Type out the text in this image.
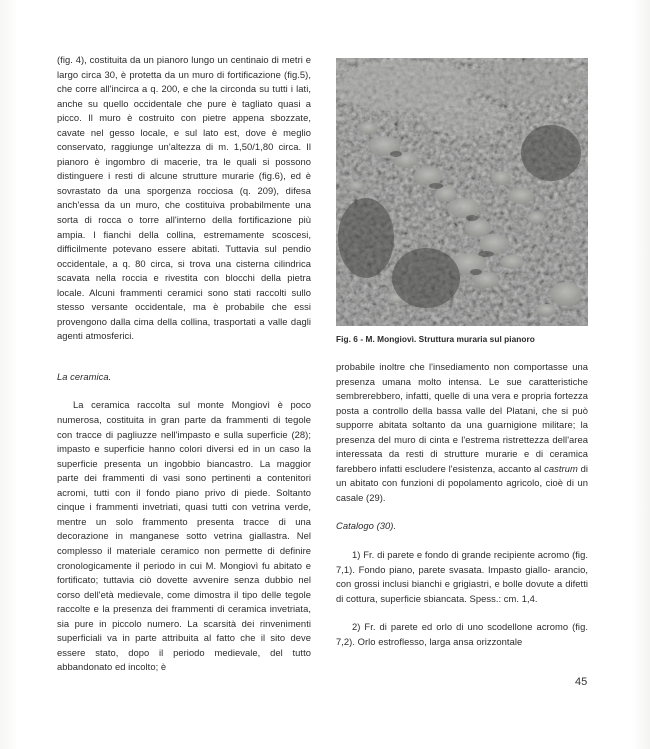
(fig. 4), costituita da un pianoro lungo un centinaio di metri e largo circa 30, è protetta da un muro di fortificazione (fig.5), che corre all'incirca a q. 200, e che la circonda su tutti i lati, anche su quello occidentale che pure è tagliato quasi a picco. Il muro è costruito con pietre appena sbozzate, cavate nel gesso locale, e sul lato est, dove è meglio conservato, raggiunge un'altezza di m. 1,50/1,80 circa. Il pianoro è ingombro di macerie, tra le quali si possono distinguere i resti di alcune strutture murarie (fig.6), ed è sovrastato da una sporgenza rocciosa (q. 209), difesa anch'essa da un muro, che costituiva probabilmente una sorta di rocca o torre all'interno della fortificazione più ampia. I fianchi della collina, estremamente scoscesi, difficilmente potevano essere abitati. Tuttavia sul pendio occidentale, a q. 80 circa, si trova una cisterna cilindrica scavata nella roccia e rivestita con blocchi della pietra locale. Alcuni frammenti ceramici sono stati raccolti sullo stesso versante occidentale, ma è probabile che essi provengono dalla cima della collina, trasportati a valle dagli agenti atmosferici.

La ceramica.

La ceramica raccolta sul monte Mongiovì è poco numerosa, costituita in gran parte da frammenti di tegole con tracce di pagliuzze nell'impasto e sulla superficie (28); impasto e superficie hanno colori diversi ed in un caso la superficie presenta un ingobbio biancastro. La maggior parte dei frammenti di vasi sono pertinenti a contenitori acromi, tutti con il fondo piano privo di piede. Soltanto cinque i frammenti invetriati, quasi tutti con vetrina verde, mentre un solo frammento presenta tracce di una decorazione in manganese sotto vetrina giallastra. Nel complesso il materiale ceramico non permette di definire cronologicamente il periodo in cui M. Mongiovì fu abitato e fortificato; tuttavia ciò dovette avvenire senza dubbio nel corso dell'età medievale, come dimostra il tipo delle tegole raccolte e la presenza dei frammenti di ceramica invetriata, sia pure in piccolo numero. La scarsità dei rinvenimenti superficiali va in parte attribuita al fatto che il sito deve essere stato, dopo il periodo medievale, del tutto abbandonato ed incolto; è

Fig. 6 - M. Mongiovì. Struttura muraria sul pianoro

probabile inoltre che l'insediamento non comportasse una presenza umana molto intensa. Le sue caratteristiche sembrerebbero, infatti, quelle di una vera e propria fortezza posta a controllo della bassa valle del Platani, che si può supporre abitata soltanto da una guarnigione militare; la presenza del muro di cinta e l'estrema ristrettezza dell'area interessata da resti di strutture murarie e di ceramica farebbero infatti escludere l'esistenza, accanto al castrum di un abitato con funzioni di popolamento agricolo, cioè di un casale (29).

Catalogo (30).

1) Fr. di parete e fondo di grande recipiente acromo (fig. 7,1). Fondo piano, parete svasata. Impasto giallo- arancio, con grossi inclusi bianchi e grigiastri, e bolle dovute a difetti di cottura, superficie sbiancata. Spess.: cm. 1,4.

2) Fr. di parete ed orlo di uno scodellone acromo (fig. 7,2). Orlo estroflesso, larga ansa orizzontale

45
